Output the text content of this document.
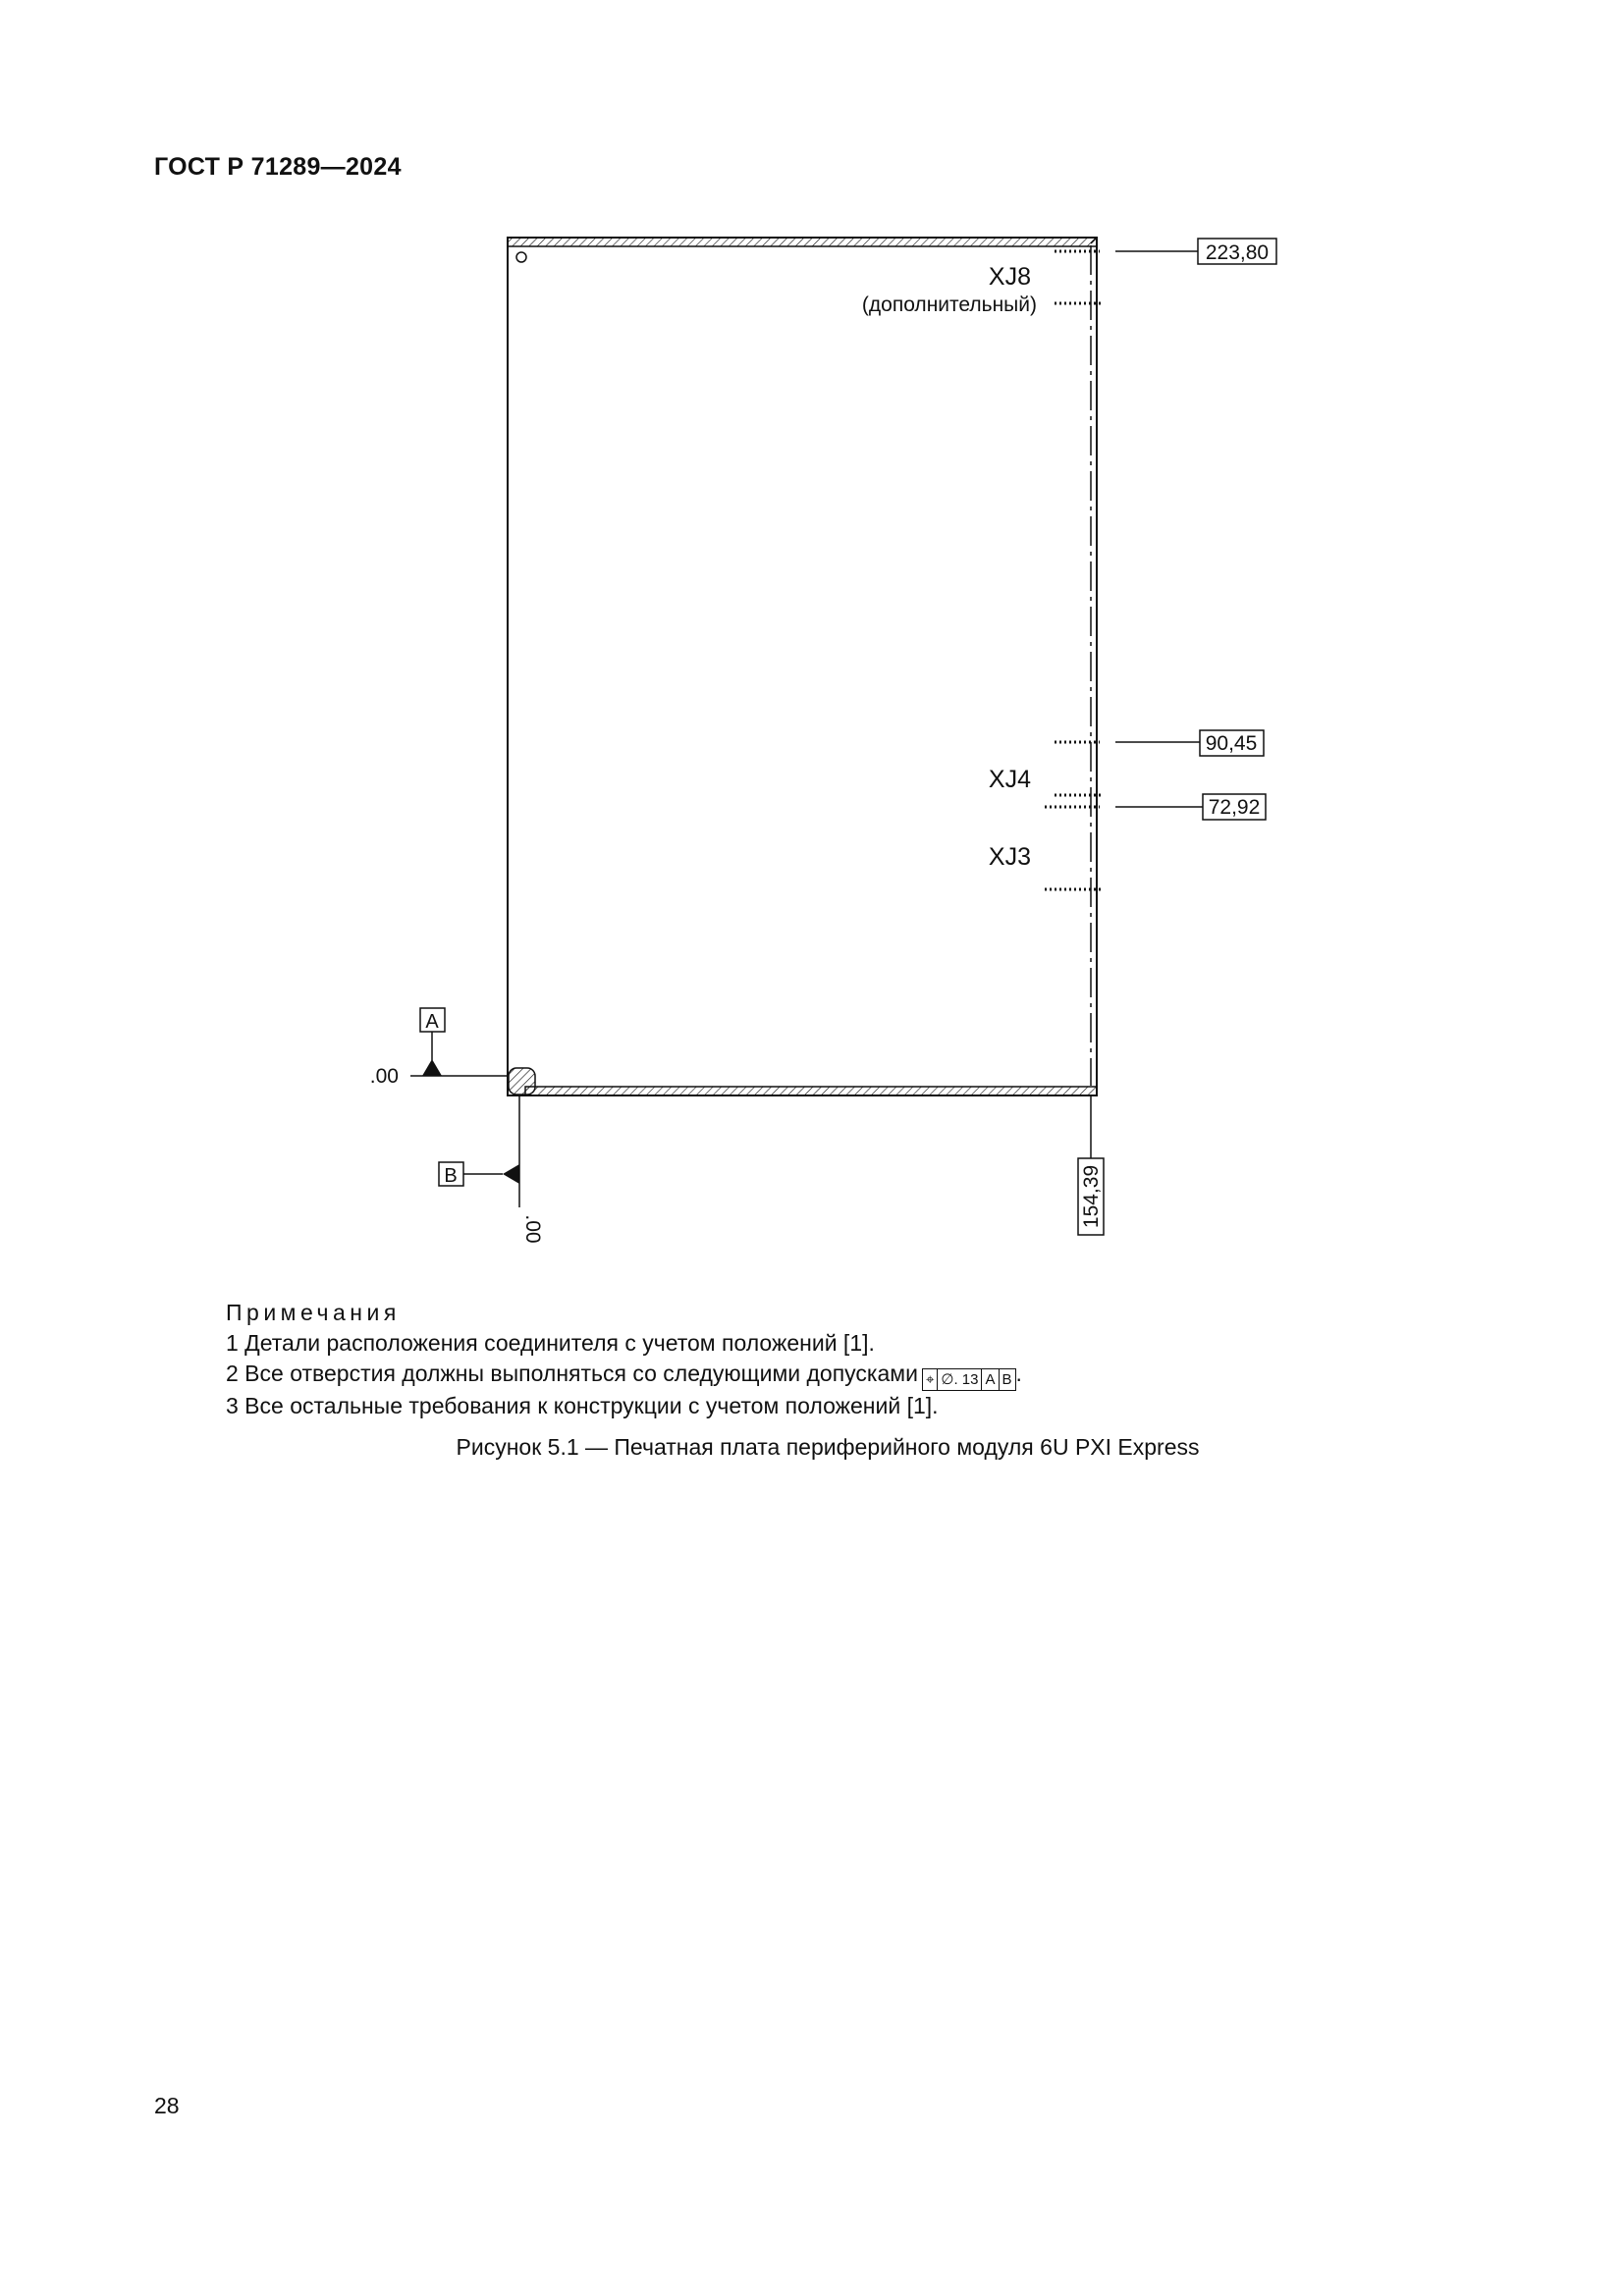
ГОСТ Р 71289—2024
XJ8
(дополнительный)
XJ4
XJ3
223,80
90,45
72,92
154,39
A
.00
B
.00
Примечания
1 Детали расположения соединителя с учетом положений [1].
2 Все отверстия должны выполняться со следующими допусками ⌖ ∅. 13 A B .
3 Все остальные требования к конструкции с учетом положений [1].
Рисунок 5.1 — Печатная плата периферийного модуля 6U PXI Express
28
